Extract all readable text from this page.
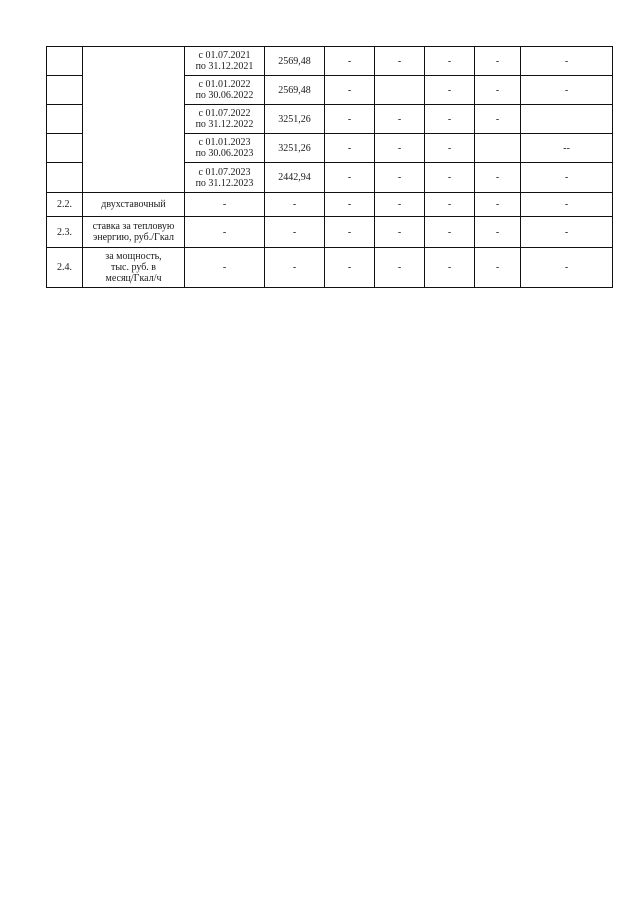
		с 01.07.2021
по 31.12.2021	2569,48	-	-	-	-	-
		с 01.01.2022
по 30.06.2022	2569,48	-		-	-	-
		с 01.07.2022
по 31.12.2022	3251,26	-	-	-	-	
		с 01.01.2023
по 30.06.2023	3251,26	-	-	-		--
		с 01.07.2023
по 31.12.2023	2442,94	-	-	-	-	-
2.2.	двухставочный	-	-	-	-	-	-	-
2.3.	ставка за тепловую энергию, руб./Гкал	-	-	-	-	-	-	-
2.4.	за мощность,
тыс. руб. в
месяц/Гкал/ч	-	-	-	-	-	-	-
